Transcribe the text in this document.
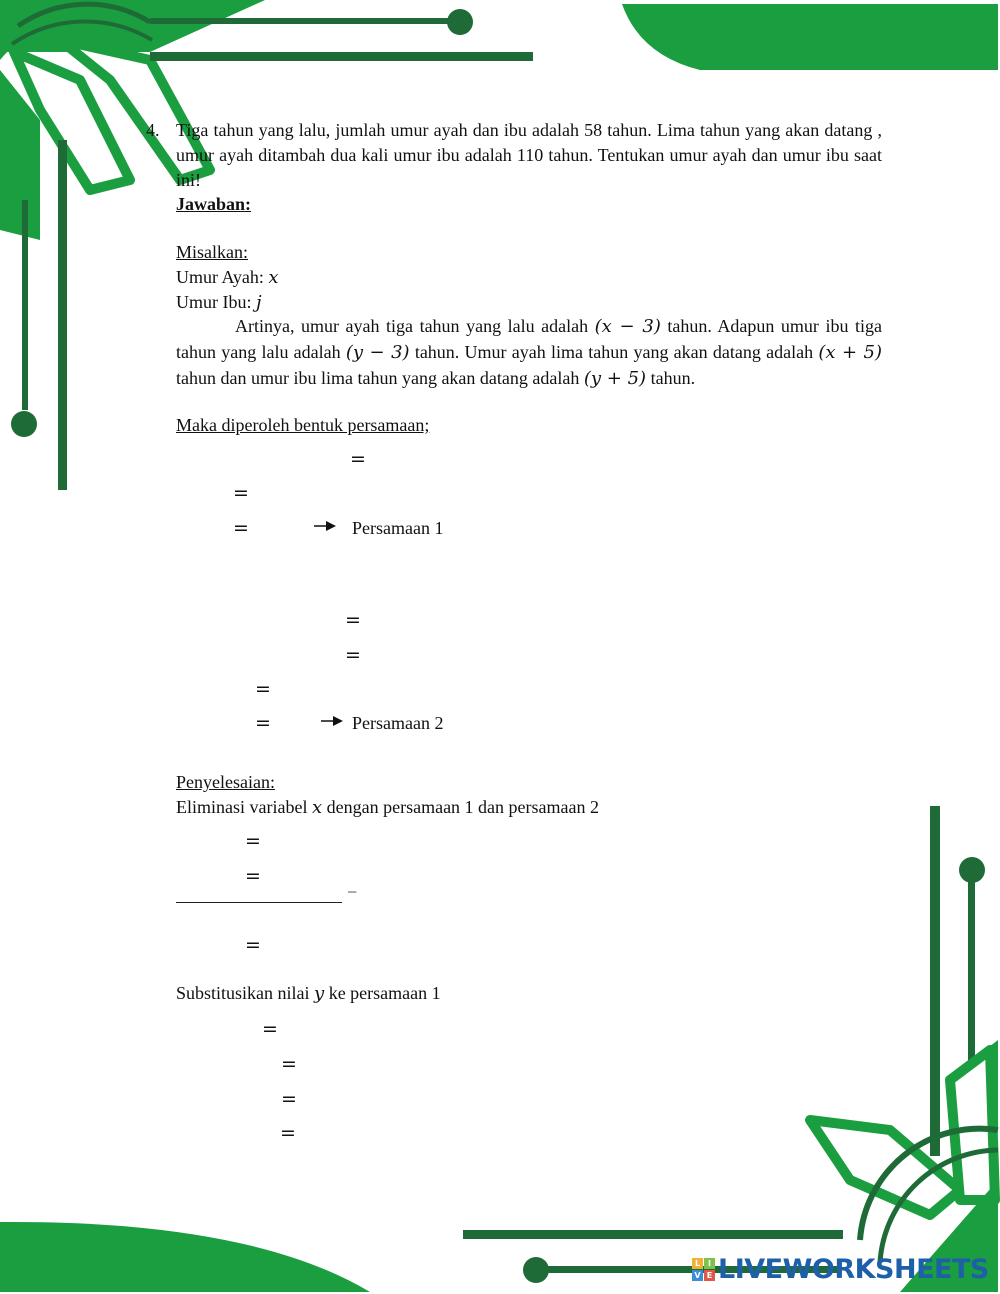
4. Tiga tahun yang lalu, jumlah umur ayah dan ibu adalah 58 tahun. Lima tahun yang akan datang , umur ayah ditambah dua kali umur ibu adalah 110 tahun. Tentukan umur ayah dan umur ibu saat ini!
Jawaban:
Misalkan:
Umur Ayah: x
Umur Ibu: j
Artinya, umur ayah tiga tahun yang lalu adalah (x − 3) tahun. Adapun umur ibu tiga tahun yang lalu adalah (y − 3) tahun. Umur ayah lima tahun yang akan datang adalah (x + 5) tahun dan umur ibu lima tahun yang akan datang adalah (y + 5) tahun.
Maka diperoleh bentuk persamaan;
=
=
=	Persamaan 1
=
=
=
=	Persamaan 2
Penyelesaian:
Eliminasi variabel x dengan persamaan 1 dan persamaan 2
=
=
−
=
Substitusikan nilai y ke persamaan 1
=
=
=
=
L I
V E LIVEWORKSHEETS
